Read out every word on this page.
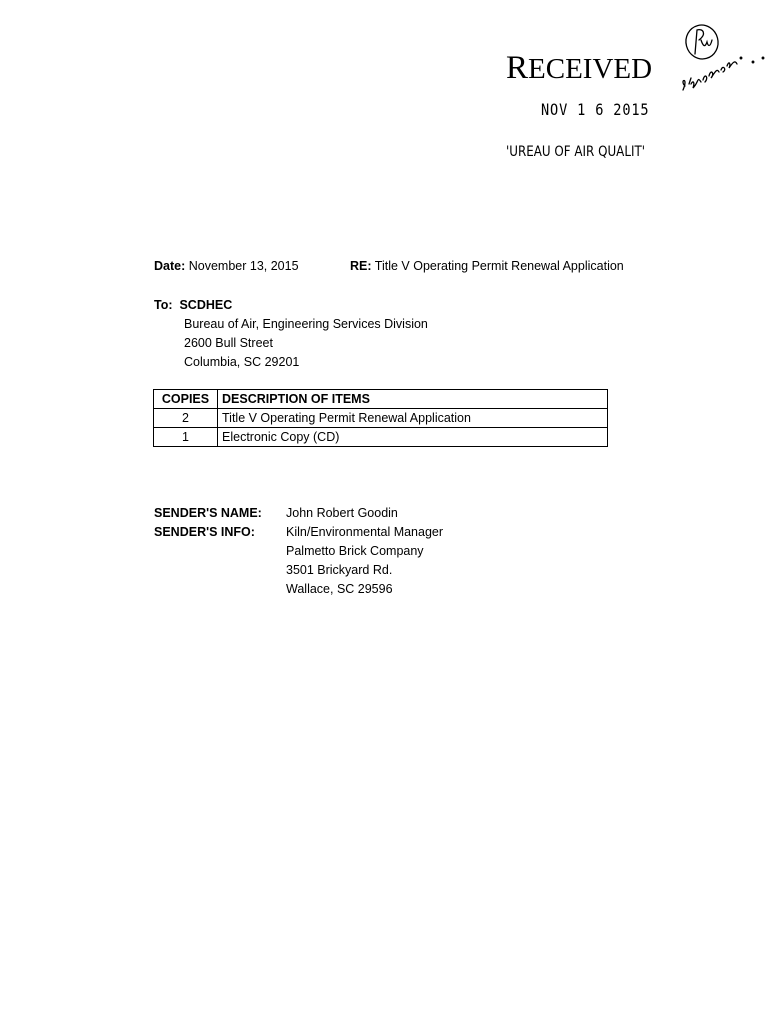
RECEIVED
NOV 1 6 2015
'UREAU OF AIR QUALIT'
Date: November 13, 2015	RE: Title V Operating Permit Renewal Application
To: SCDHEC
Bureau of Air, Engineering Services Division
2600 Bull Street
Columbia, SC 29201
COPIES	DESCRIPTION OF ITEMS
2	Title V Operating Permit Renewal Application
1	Electronic Copy (CD)
SENDER'S NAME: John Robert Goodin
SENDER'S INFO: Kiln/Environmental Manager
Palmetto Brick Company
3501 Brickyard Rd.
Wallace, SC 29596
